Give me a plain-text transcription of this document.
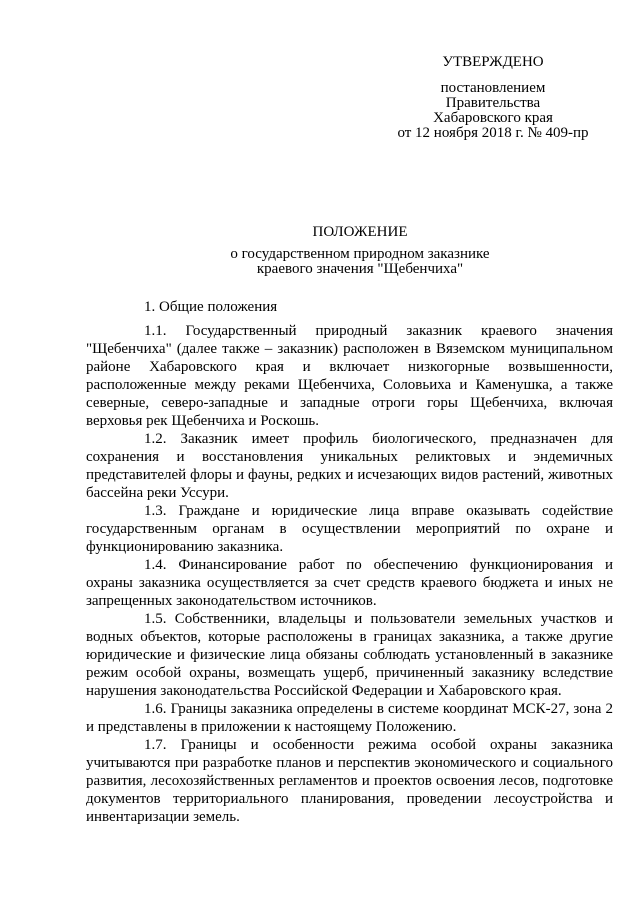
УТВЕРЖДЕНО
постановлением
Правительства
Хабаровского края
от 12 ноября 2018 г. № 409-пр
ПОЛОЖЕНИЕ
о государственном природном заказнике
краевого значения "Щебенчиха"

1. Общие положения

1.1. Государственный природный заказник краевого значения "Щебенчиха" (далее также – заказник) расположен в Вяземском муниципальном районе Хабаровского края и включает низкогорные возвышенности, расположенные между реками Щебенчиха, Соловьиха и Каменушка, а также северные, северо-западные и западные отроги горы Щебенчиха, включая верховья рек Щебенчиха и Роскошь.

1.2. Заказник имеет профиль биологического, предназначен для сохранения и восстановления уникальных реликтовых и эндемичных представителей флоры и фауны, редких и исчезающих видов растений, животных бассейна реки Уссури.

1.3. Граждане и юридические лица вправе оказывать содействие государственным органам в осуществлении мероприятий по охране и функционированию заказника.

1.4. Финансирование работ по обеспечению функционирования и охраны заказника осуществляется за счет средств краевого бюджета и иных не запрещенных законодательством источников.

1.5. Собственники, владельцы и пользователи земельных участков и водных объектов, которые расположены в границах заказника, а также другие юридические и физические лица обязаны соблюдать установленный в заказнике режим особой охраны, возмещать ущерб, причиненный заказнику вследствие нарушения законодательства Российской Федерации и Хабаровского края.

1.6. Границы заказника определены в системе координат МСК-27, зона 2 и представлены в приложении к настоящему Положению.

1.7. Границы и особенности режима особой охраны заказника учитываются при разработке планов и перспектив экономического и социального развития, лесохозяйственных регламентов и проектов освоения лесов, подготовке документов территориального планирования, проведении лесоустройства и инвентаризации земель.
